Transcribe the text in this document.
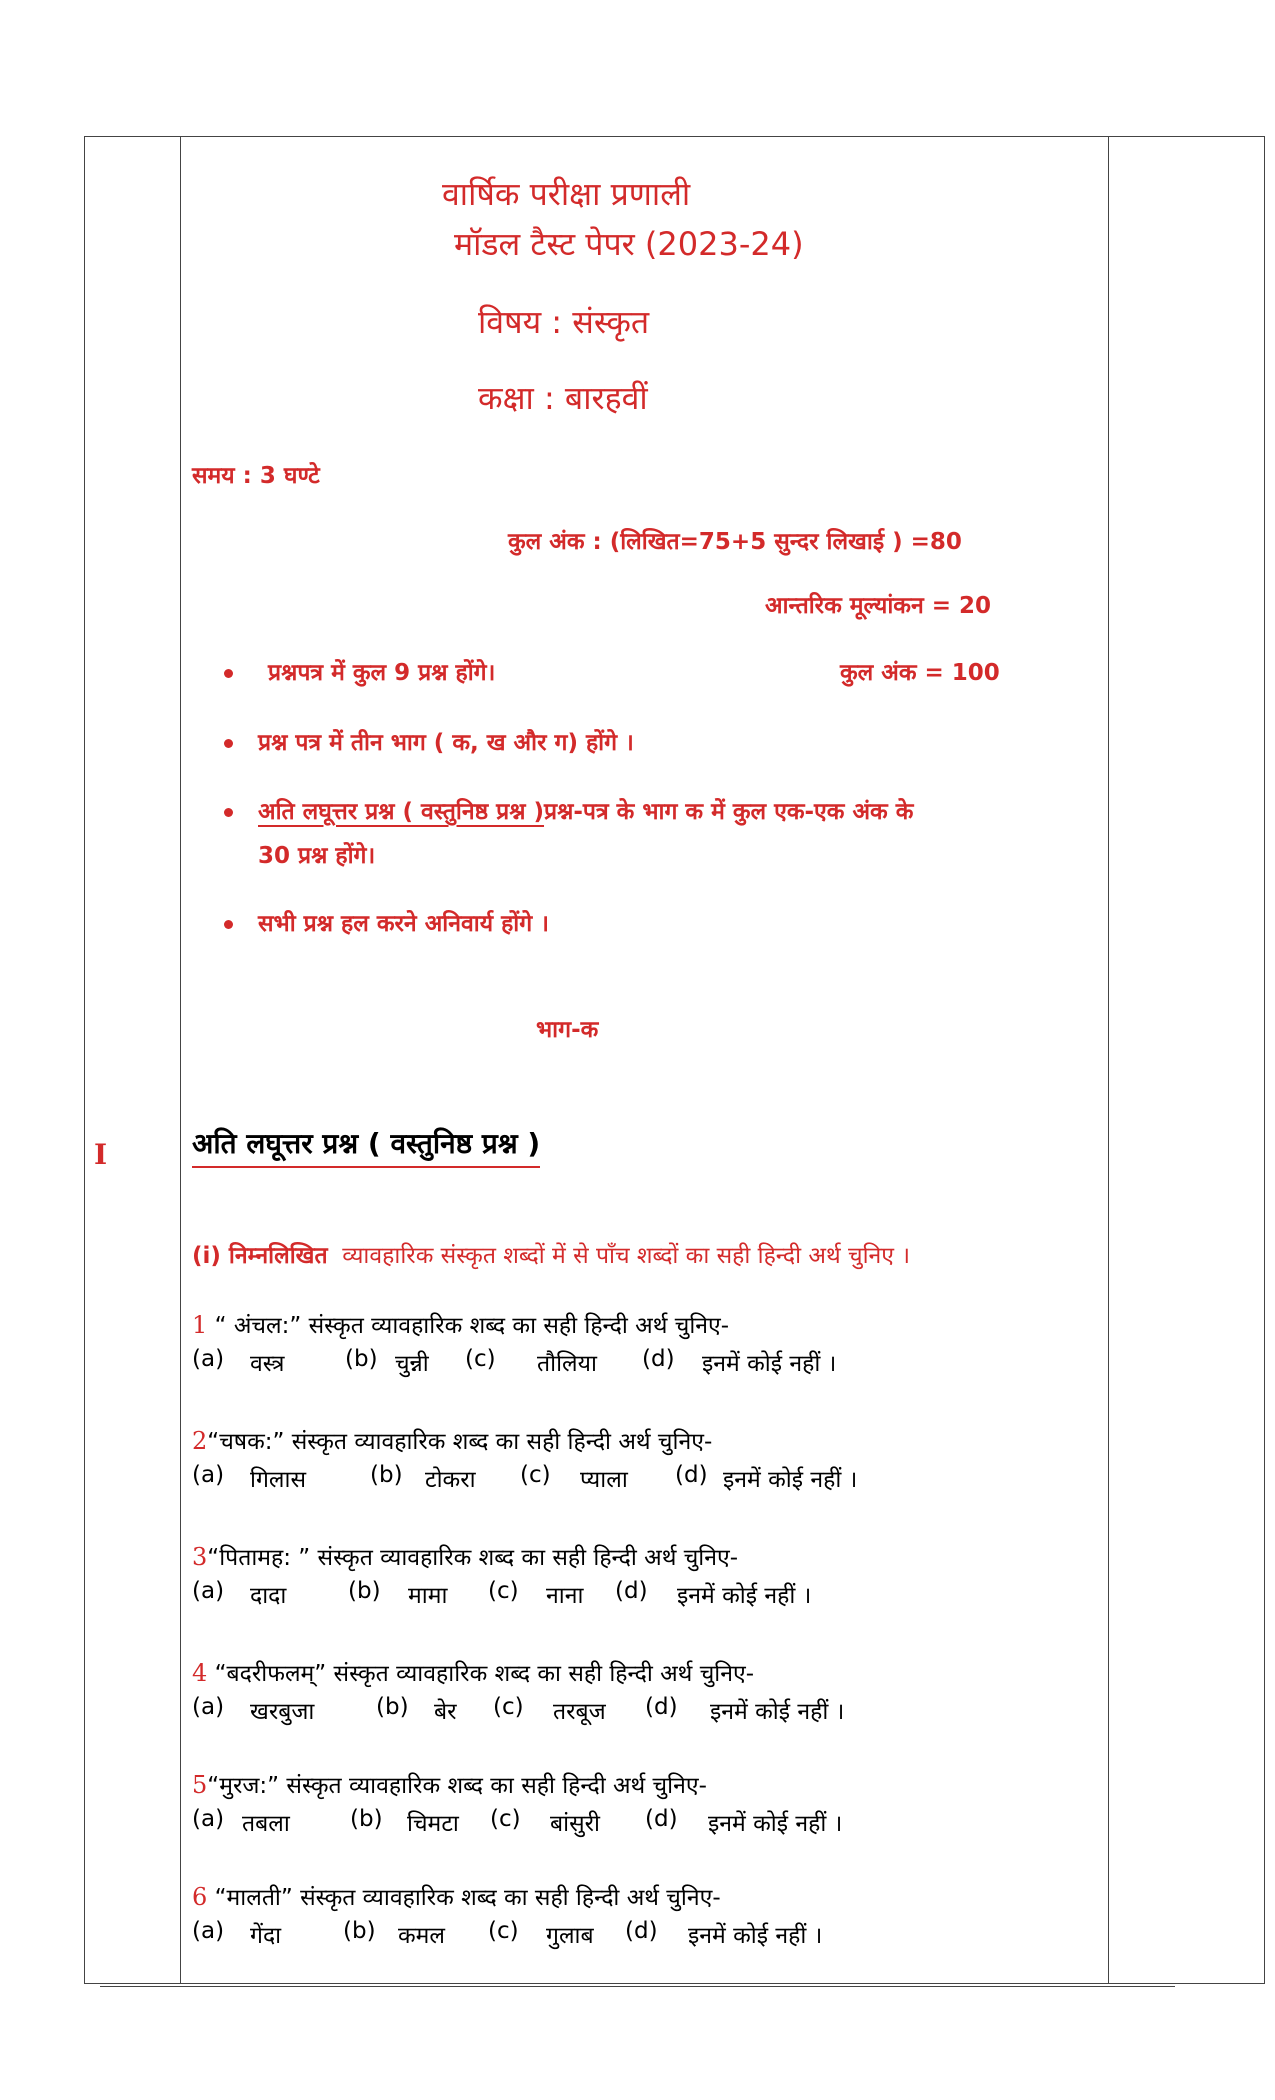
वार्षिक परीक्षा प्रणाली
मॉडल टैस्ट पेपर (2023-24)
विषय : संस्कृत
कक्षा : बारहवीं
समय : 3 घण्टे
कुल अंक : (लिखित=75+5 सुन्दर लिखाई ) =80
आन्तरिक मूल्यांकन = 20
प्रश्नपत्र में कुल 9 प्रश्न होंगे।	कुल अंक = 100
प्रश्न पत्र में तीन भाग ( क, ख और ग) होंगे ।
अति लघूत्तर प्रश्न ( वस्तुनिष्ठ प्रश्न )प्रश्न-पत्र के भाग क में कुल एक-एक अंक के
30 प्रश्न होंगे।
सभी प्रश्न हल करने अनिवार्य होंगे ।
भाग-क
I	अति लघूत्तर प्रश्न ( वस्तुनिष्ठ प्रश्न )
(i) निम्नलिखित व्यावहारिक संस्कृत शब्दों में से पाँच शब्दों का सही हिन्दी अर्थ चुनिए ।
1 “ अंचल:” संस्कृत व्यावहारिक शब्द का सही हिन्दी अर्थ चुनिए-
(a) वस्त्र	(b) चुन्नी (c) तौलिया (d) इनमें कोई नहीं ।
2“चषक:” संस्कृत व्यावहारिक शब्द का सही हिन्दी अर्थ चुनिए-
(a) गिलास	(b) टोकरा (c) प्याला (d) इनमें कोई नहीं ।
3“पितामह: ” संस्कृत व्यावहारिक शब्द का सही हिन्दी अर्थ चुनिए-
(a) दादा	(b) मामा (c) नाना (d) इनमें कोई नहीं ।
4 “बदरीफलम्” संस्कृत व्यावहारिक शब्द का सही हिन्दी अर्थ चुनिए-
(a) खरबुजा	(b) बेर (c) तरबूज (d) इनमें कोई नहीं ।
5“मुरज:” संस्कृत व्यावहारिक शब्द का सही हिन्दी अर्थ चुनिए-
(a) तबला	(b) चिमटा (c) बांसुरी (d) इनमें कोई नहीं ।
6 “मालती” संस्कृत व्यावहारिक शब्द का सही हिन्दी अर्थ चुनिए-
(a) गेंदा	(b) कमल (c) गुलाब (d) इनमें कोई नहीं ।
